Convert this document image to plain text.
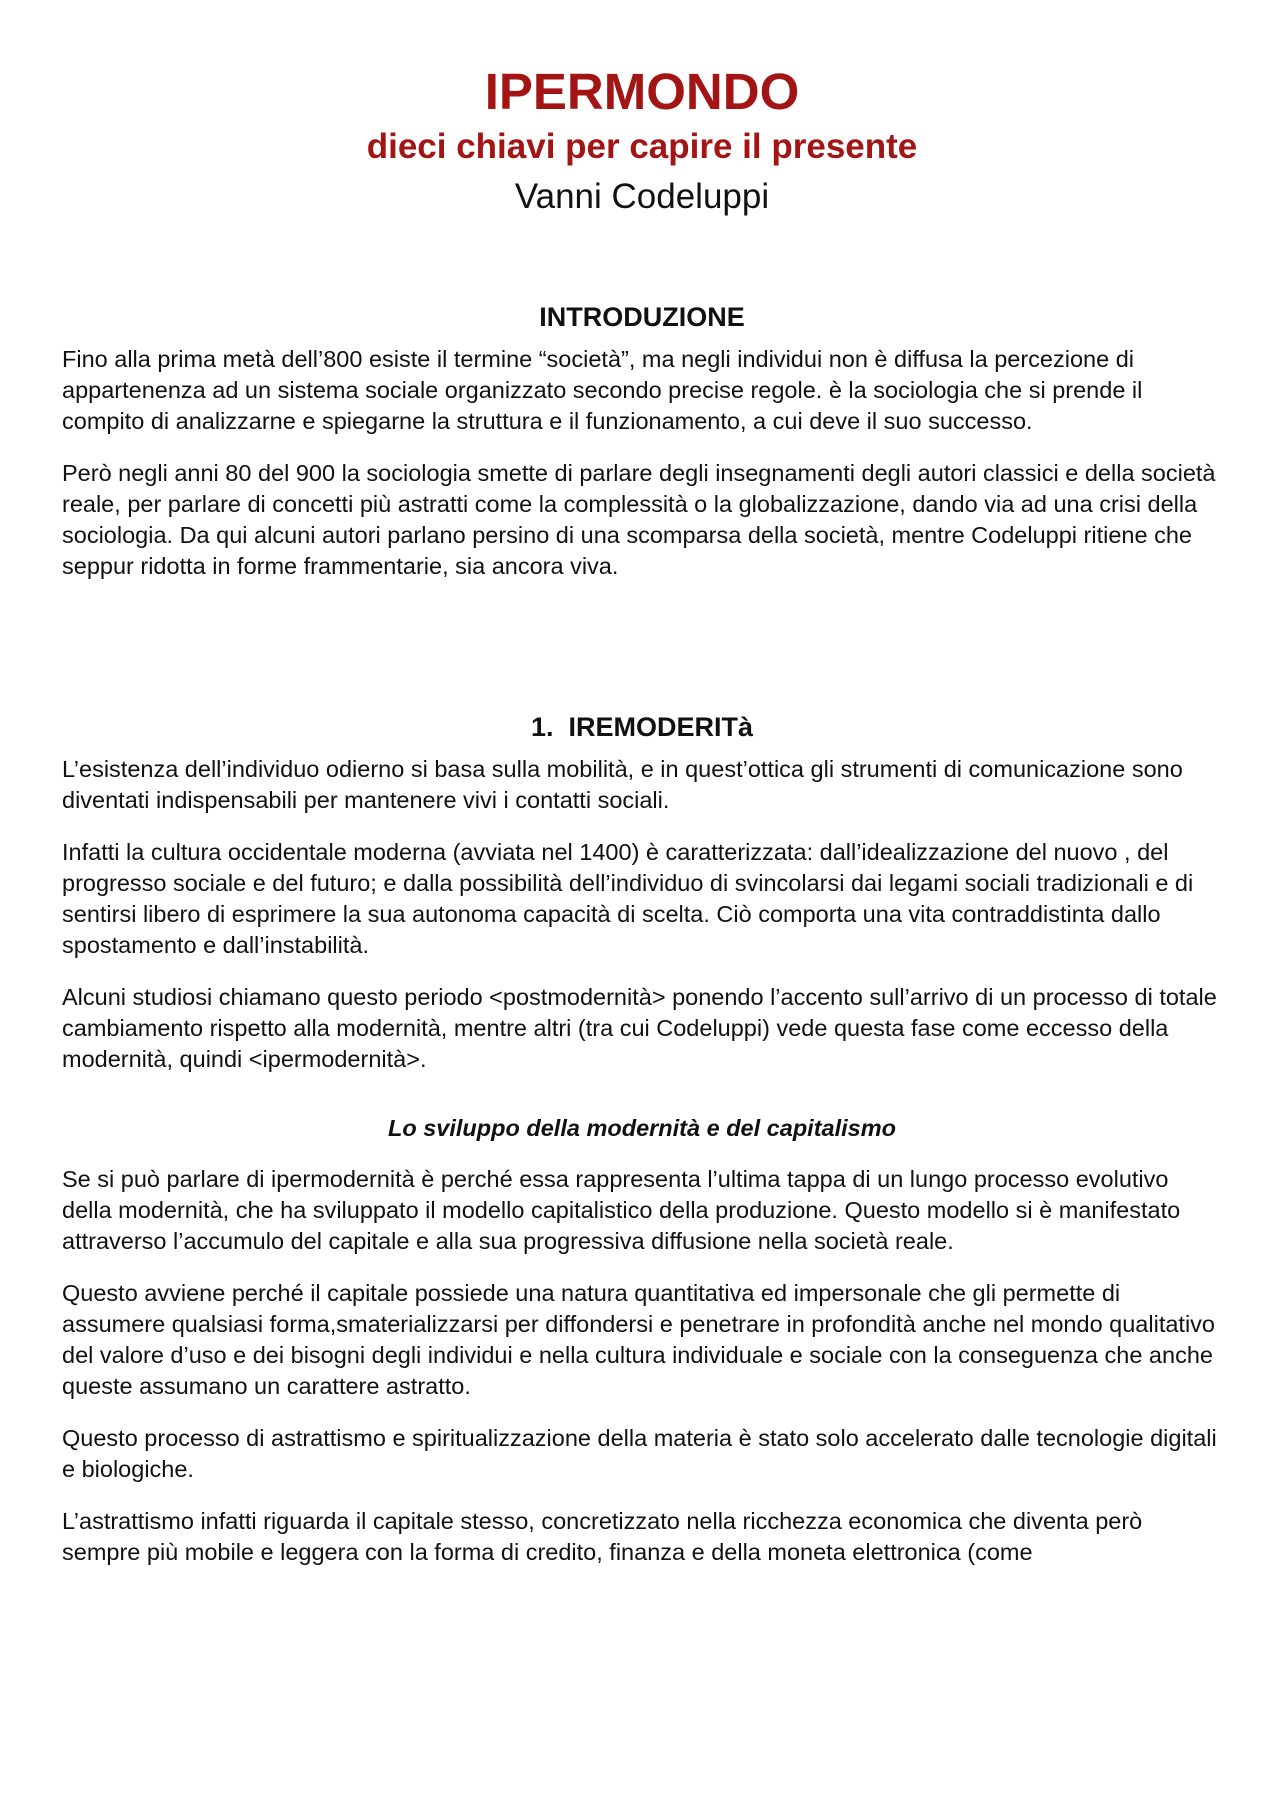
IPERMONDO
dieci chiavi per capire il presente
Vanni Codeluppi
INTRODUZIONE

Fino alla prima metà dell’800 esiste il termine “società”, ma negli individui non è diffusa la percezione di appartenenza ad un sistema sociale organizzato secondo precise regole. è la sociologia che si prende il compito di analizzarne e spiegarne la struttura e il funzionamento, a cui deve il suo successo.

Però negli anni 80 del 900 la sociologia smette di parlare degli insegnamenti degli autori classici e della società reale, per parlare di concetti più astratti come la complessità o la globalizzazione, dando via ad una crisi della sociologia. Da qui alcuni autori parlano persino di una scomparsa della società, mentre Codeluppi ritiene che seppur ridotta in forme frammentarie, sia ancora viva.

1.  IREMODERITà

L’esistenza dell’individuo odierno si basa sulla mobilità, e in quest’ottica gli strumenti di comunicazione sono diventati indispensabili per mantenere vivi i contatti sociali.

Infatti la cultura occidentale moderna (avviata nel 1400) è caratterizzata: dall’idealizzazione del nuovo , del progresso sociale e del futuro; e dalla possibilità dell’individuo di svincolarsi dai legami sociali tradizionali e di sentirsi libero di esprimere la sua autonoma capacità di scelta. Ciò comporta una vita contraddistinta dallo spostamento e dall’instabilità.

Alcuni studiosi chiamano questo periodo <postmodernità> ponendo l’accento sull’arrivo di un processo di totale cambiamento rispetto alla modernità, mentre altri (tra cui Codeluppi) vede questa fase come eccesso della modernità, quindi <ipermodernità>.

Lo sviluppo della modernità e del capitalismo

Se si può parlare di ipermodernità è perché essa rappresenta l’ultima tappa di un lungo processo evolutivo della modernità, che ha sviluppato il modello capitalistico della produzione. Questo modello si è manifestato attraverso l’accumulo del capitale e alla sua progressiva diffusione nella società reale.

Questo avviene perché il capitale possiede una natura quantitativa ed impersonale che gli permette di assumere qualsiasi forma,smaterializzarsi per diffondersi e penetrare in profondità anche nel mondo qualitativo del valore d’uso e dei bisogni degli individui e nella cultura individuale e sociale con la conseguenza che anche queste assumano un carattere astratto.

Questo processo di astrattismo e spiritualizzazione della materia è stato solo accelerato dalle tecnologie digitali e biologiche.

L’astrattismo infatti riguarda il capitale stesso, concretizzato nella ricchezza economica che diventa però sempre più mobile e leggera con la forma di credito, finanza e della moneta elettronica (come
